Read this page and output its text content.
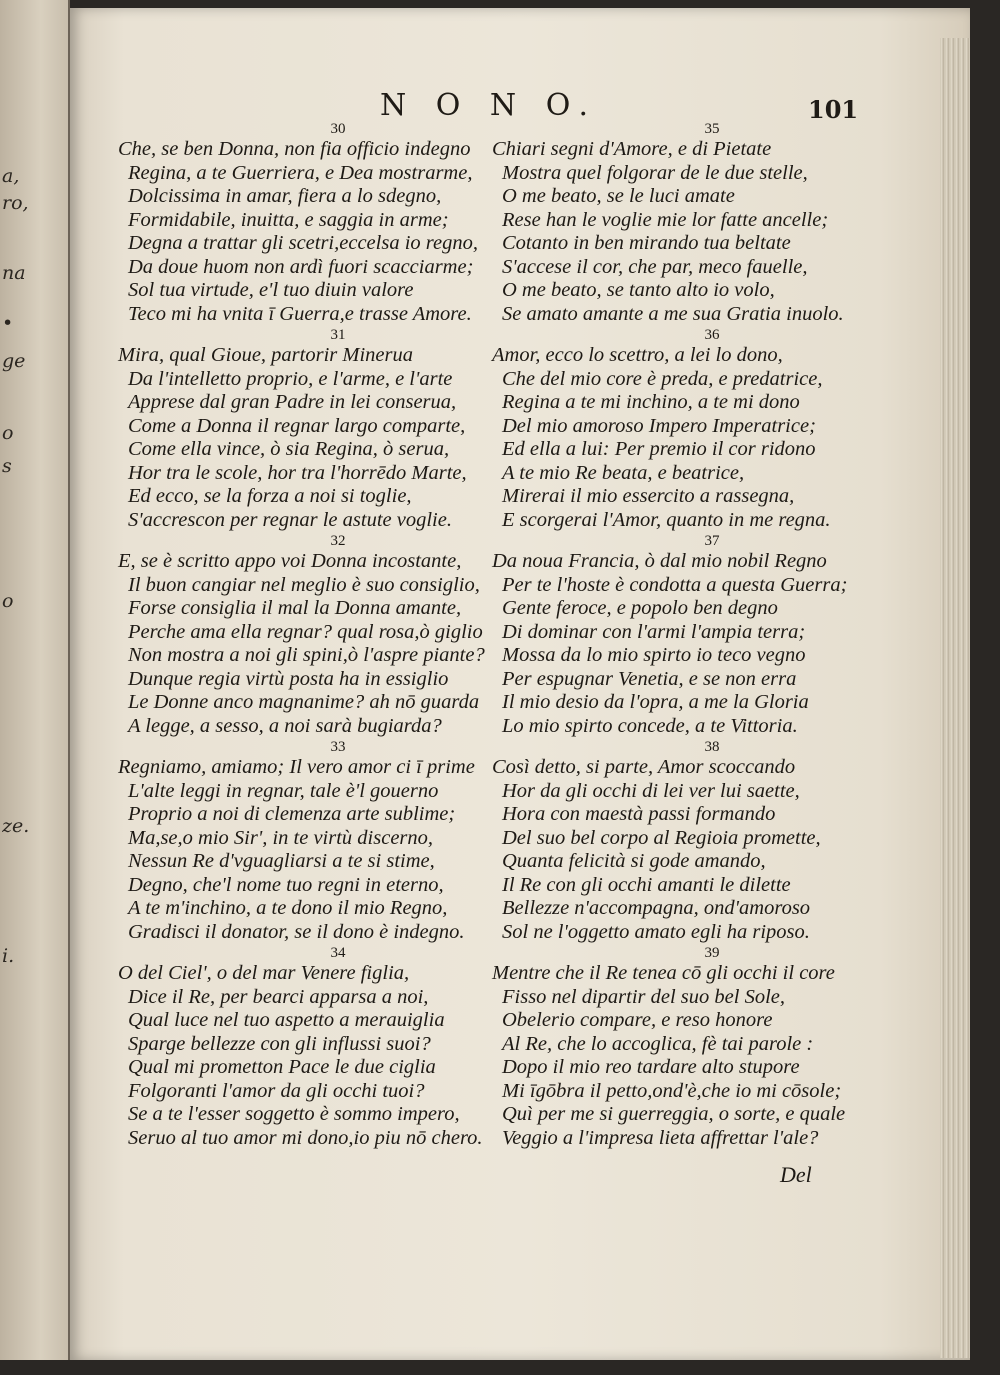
a,
ro,
na
•
ge
o
s
o
ze.
i.
N O N O.	101
30
Che, se ben Donna, non fia officio indegno
Regina, a te Guerriera, e Dea mostrarme,
Dolcissima in amar, fiera a lo sdegno,
Formidabile, inuitta, e saggia in arme;
Degna a trattar gli scetri,eccelsa io regno,
Da doue huom non ardì fuori scacciarme;
Sol tua virtude, e'l tuo diuin valore
Teco mi ha vnita ī Guerra,e trasse Amore.
31
Mira, qual Gioue, partorir Minerua
Da l'intelletto proprio, e l'arme, e l'arte
Apprese dal gran Padre in lei conserua,
Come a Donna il regnar largo comparte,
Come ella vince, ò sia Regina, ò serua,
Hor tra le scole, hor tra l'horrēdo Marte,
Ed ecco, se la forza a noi si toglie,
S'accrescon per regnar le astute voglie.
32
E, se è scritto appo voi Donna incostante,
Il buon cangiar nel meglio è suo consiglio,
Forse consiglia il mal la Donna amante,
Perche ama ella regnar? qual rosa,ò giglio
Non mostra a noi gli spini,ò l'aspre piante?
Dunque regia virtù posta ha in essiglio
Le Donne anco magnanime? ah nō guarda
A legge, a sesso, a noi sarà bugiarda?
33
Regniamo, amiamo; Il vero amor ci ī prime
L'alte leggi in regnar, tale è'l gouerno
Proprio a noi di clemenza arte sublime;
Ma,se,o mio Sir', in te virtù discerno,
Nessun Re d'vguagliarsi a te si stime,
Degno, che'l nome tuo regni in eterno,
A te m'inchino, a te dono il mio Regno,
Gradisci il donator, se il dono è indegno.
34
O del Ciel', o del mar Venere figlia,
Dice il Re, per bearci apparsa a noi,
Qual luce nel tuo aspetto a merauiglia
Sparge bellezze con gli influssi suoi?
Qual mi prometton Pace le due ciglia
Folgoranti l'amor da gli occhi tuoi?
Se a te l'esser soggetto è sommo impero,
Seruo al tuo amor mi dono,io piu nō chero.
35
Chiari segni d'Amore, e di Pietate
Mostra quel folgorar de le due stelle,
O me beato, se le luci amate
Rese han le voglie mie lor fatte ancelle;
Cotanto in ben mirando tua beltate
S'accese il cor, che par, meco fauelle,
O me beato, se tanto alto io volo,
Se amato amante a me sua Gratia inuolo.
36
Amor, ecco lo scettro, a lei lo dono,
Che del mio core è preda, e predatrice,
Regina a te mi inchino, a te mi dono
Del mio amoroso Impero Imperatrice;
Ed ella a lui: Per premio il cor ridono
A te mio Re beata, e beatrice,
Mirerai il mio essercito a rassegna,
E scorgerai l'Amor, quanto in me regna.
37
Da noua Francia, ò dal mio nobil Regno
Per te l'hoste è condotta a questa Guerra;
Gente feroce, e popolo ben degno
Di dominar con l'armi l'ampia terra;
Mossa da lo mio spirto io teco vegno
Per espugnar Venetia, e se non erra
Il mio desio da l'opra, a me la Gloria
Lo mio spirto concede, a te Vittoria.
38
Così detto, si parte, Amor scoccando
Hor da gli occhi di lei ver lui saette,
Hora con maestà passi formando
Del suo bel corpo al Regioia promette,
Quanta felicità si gode amando,
Il Re con gli occhi amanti le dilette
Bellezze n'accompagna, ond'amoroso
Sol ne l'oggetto amato egli ha riposo.
39
Mentre che il Re tenea cō gli occhi il core
Fisso nel dipartir del suo bel Sole,
Obelerio compare, e reso honore
Al Re, che lo accoglica, fè tai parole :
Dopo il mio reo tardare alto stupore
Mi īgōbra il petto,ond'è,che io mi cōsole;
Quì per me si guerreggia, o sorte, e quale
Veggio a l'impresa lieta affrettar l'ale?
Del
